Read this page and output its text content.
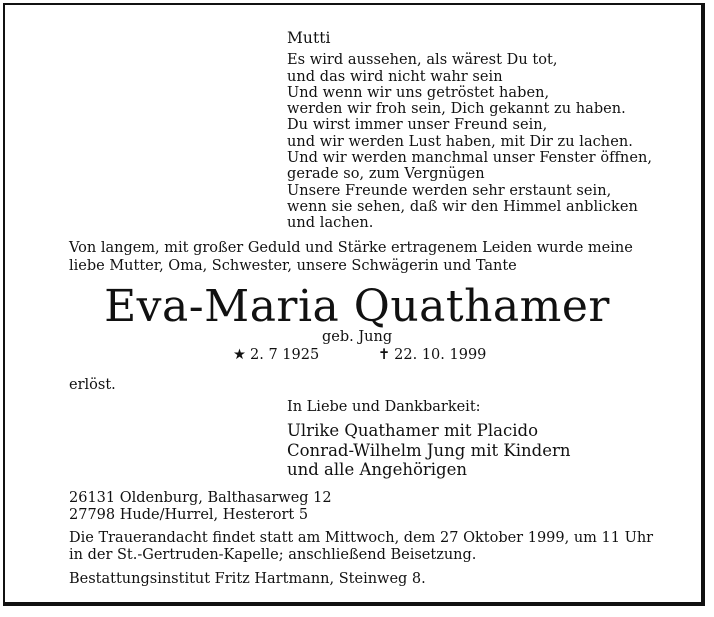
Mutti
Es wird aussehen, als wärest Du tot,
und das wird nicht wahr sein
Und wenn wir uns getröstet haben,
werden wir froh sein, Dich gekannt zu haben.
Du wirst immer unser Freund sein,
und wir werden Lust haben, mit Dir zu lachen.
Und wir werden manchmal unser Fenster öffnen,
gerade so, zum Vergnügen
Unsere Freunde werden sehr erstaunt sein,
wenn sie sehen, daß wir den Himmel anblicken
und lachen.
Von langem, mit großer Geduld und Stärke ertragenem Leiden wurde meine
liebe Mutter, Oma, Schwester, unsere Schwägerin und Tante
Eva-Maria Quathamer
geb. Jung
★ 2. 7 1925	✝ 22. 10. 1999
erlöst.
In Liebe und Dankbarkeit:
Ulrike Quathamer mit Placido
Conrad-Wilhelm Jung mit Kindern
und alle Angehörigen
26131 Oldenburg, Balthasarweg 12
27798 Hude/Hurrel, Hesterort 5
Die Trauerandacht findet statt am Mittwoch, dem 27 Oktober 1999, um 11 Uhr
in der St.-Gertruden-Kapelle; anschließend Beisetzung.
Bestattungsinstitut Fritz Hartmann, Steinweg 8.
